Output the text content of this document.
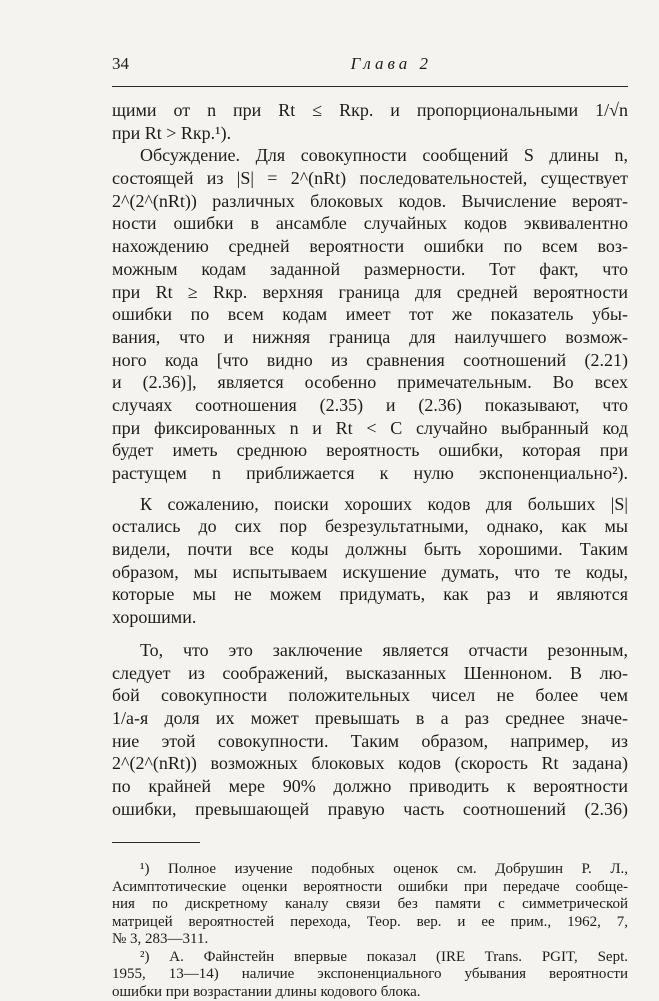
34	Глава 2
щими от n при Rt ≤ Rкр. и пропорциональными 1/√n
при Rt > Rкр.¹).
Обсуждение. Для совокупности сообщений S длины n,
состоящей из |S| = 2^(nRt) последовательностей, существует
2^(2^(nRt)) различных блоковых кодов. Вычисление вероят-
ности ошибки в ансамбле случайных кодов эквивалентно
нахождению средней вероятности ошибки по всем воз-
можным кодам заданной размерности. Тот факт, что
при Rt ≥ Rкр. верхняя граница для средней вероятности
ошибки по всем кодам имеет тот же показатель убы-
вания, что и нижняя граница для наилучшего возмож-
ного кода [что видно из сравнения соотношений (2.21)
и (2.36)], является особенно примечательным. Во всех
случаях соотношения (2.35) и (2.36) показывают, что
при фиксированных n и Rt < C случайно выбранный код
будет иметь среднюю вероятность ошибки, которая при
растущем n приближается к нулю экспоненциально²).
К сожалению, поиски хороших кодов для больших |S|
остались до сих пор безрезультатными, однако, как мы
видели, почти все коды должны быть хорошими. Таким
образом, мы испытываем искушение думать, что те коды,
которые мы не можем придумать, как раз и являются
хорошими.
То, что это заключение является отчасти резонным,
следует из соображений, высказанных Шенноном. В лю-
бой совокупности положительных чисел не более чем
1/a-я доля их может превышать в a раз среднее значе-
ние этой совокупности. Таким образом, например, из
2^(2^(nRt)) возможных блоковых кодов (скорость Rt задана)
по крайней мере 90% должно приводить к вероятности
ошибки, превышающей правую часть соотношений (2.36)
¹) Полное изучение подобных оценок см. Добрушин Р. Л.,
Асимптотические оценки вероятности ошибки при передаче сообще-
ния по дискретному каналу связи без памяти с симметрической
матрицей вероятностей перехода, Теор. вер. и ее прим., 1962, 7,
№ 3, 283—311.
²) А. Файнстейн впервые показал (IRE Trans. PGIT, Sept.
1955, 13—14) наличие экспоненциального убывания вероятности
ошибки при возрастании длины кодового блока.
